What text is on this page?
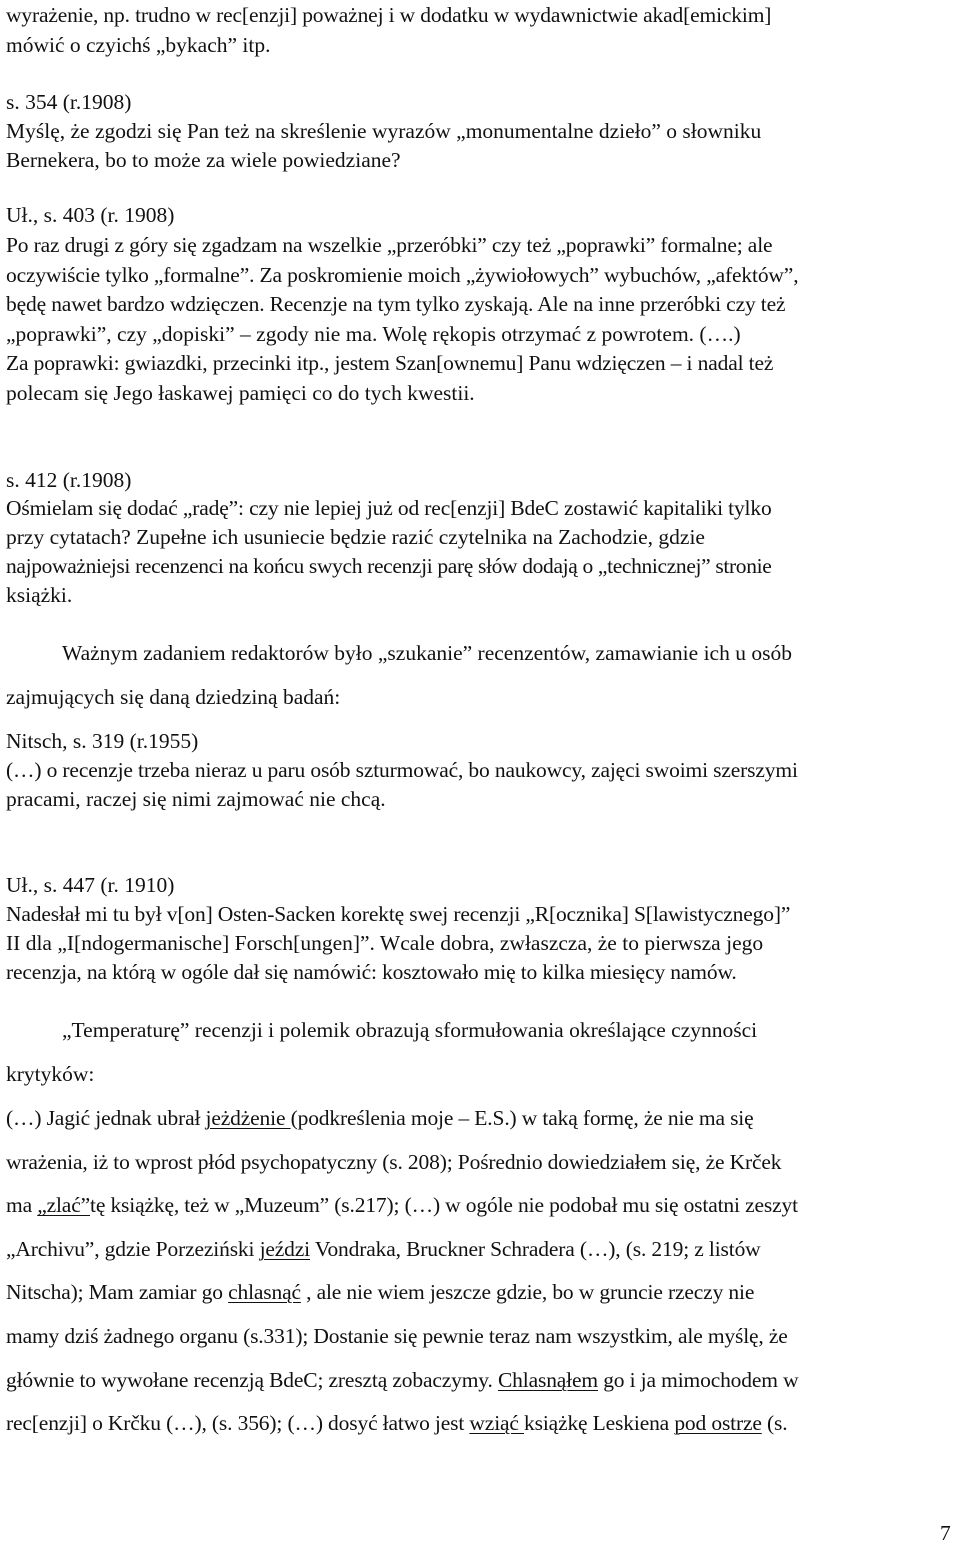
wyrażenie, np. trudno w rec[enzji] poważnej i w dodatku w wydawnictwie akad[emickim]
mówić o czyichś „bykach” itp.
s. 354 (r.1908)
Myślę, że zgodzi się Pan też na skreślenie wyrazów „monumentalne dzieło” o słowniku
Bernekera, bo to może za wiele powiedziane?
Uł., s. 403 (r. 1908)
Po raz drugi z góry się zgadzam na wszelkie „przeróbki” czy też „poprawki” formalne; ale
oczywiście tylko „formalne”. Za poskromienie moich „żywiołowych” wybuchów, „afektów”,
będę nawet bardzo wdzięczen. Recenzje na tym tylko zyskają. Ale na inne przeróbki czy też
„poprawki”, czy „dopiski” – zgody nie ma. Wolę rękopis otrzymać z powrotem. (….)
Za poprawki: gwiazdki, przecinki itp., jestem Szan[ownemu] Panu wdzięczen – i nadal też
polecam się Jego łaskawej pamięci co do tych kwestii.
s. 412 (r.1908)
Ośmielam się dodać „radę”: czy nie lepiej już od rec[enzji] BdeC zostawić kapitaliki tylko
przy cytatach? Zupełne ich usuniecie będzie razić czytelnika na Zachodzie, gdzie
najpoważniejsi recenzenci na końcu swych recenzji parę słów dodają o „technicznej” stronie
książki.
Ważnym zadaniem redaktorów było „szukanie” recenzentów, zamawianie ich u osób
zajmujących się daną dziedziną badań:
Nitsch, s. 319 (r.1955)
(…) o recenzje trzeba nieraz u paru osób szturmować, bo naukowcy, zajęci swoimi szerszymi
pracami, raczej się nimi zajmować nie chcą.
Uł., s. 447 (r. 1910)
Nadesłał mi tu był v[on] Osten-Sacken korektę swej recenzji „R[ocznika] S[lawistycznego]”
II dla „I[ndogermanische] Forsch[ungen]”. Wcale dobra, zwłaszcza, że to pierwsza jego
recenzja, na którą w ogóle dał się namówić: kosztowało mię to kilka miesięcy namów.
„Temperaturę” recenzji i polemik obrazują sformułowania określające czynności
krytyków:
(…) Jagić jednak ubrał jeżdżenie (podkreślenia moje – E.S.) w taką formę, że nie ma się
wrażenia, iż to wprost płód psychopatyczny (s. 208); Pośrednio dowiedziałem się, że Krček
ma „zlać”tę książkę, też w „Muzeum” (s.217); (…) w ogóle nie podobał mu się ostatni zeszyt
„Archivu”, gdzie Porzeziński jeździ Vondraka, Bruckner Schradera (…), (s. 219; z listów
Nitscha); Mam zamiar go chlasnąć , ale nie wiem jeszcze gdzie, bo w gruncie rzeczy nie
mamy dziś żadnego organu (s.331); Dostanie się pewnie teraz nam wszystkim, ale myślę, że
głównie to wywołane recenzją BdeC; zresztą zobaczymy. Chlasnąłem go i ja mimochodem w
rec[enzji] o Krčku (…), (s. 356); (…) dosyć łatwo jest wziąć książkę Leskiena pod ostrze (s.
7
